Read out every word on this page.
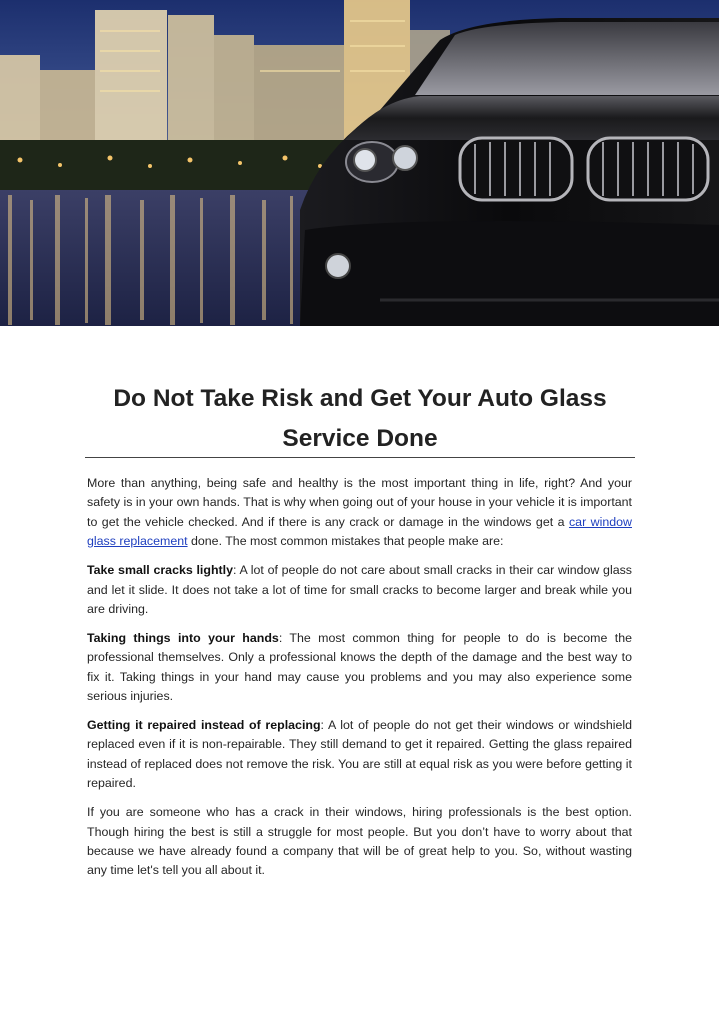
Do Not Take Risk and Get Your Auto Glass
Service Done

More than anything, being safe and healthy is the most important thing in life, right? And your safety is in your own hands. That is why when going out of your house in your vehicle it is important to get the vehicle checked. And if there is any crack or damage in the windows get a car window glass replacement done. The most common mistakes that people make are:

Take small cracks lightly: A lot of people do not care about small cracks in their car window glass and let it slide. It does not take a lot of time for small cracks to become larger and break while you are driving.

Taking things into your hands: The most common thing for people to do is become the professional themselves. Only a professional knows the depth of the damage and the best way to fix it. Taking things in your hand may cause you problems and you may also experience some serious injuries.

Getting it repaired instead of replacing: A lot of people do not get their windows or windshield replaced even if it is non-repairable. They still demand to get it repaired. Getting the glass repaired instead of replaced does not remove the risk. You are still at equal risk as you were before getting it repaired.

If you are someone who has a crack in their windows, hiring professionals is the best option. Though hiring the best is still a struggle for most people. But you don’t have to worry about that because we have already found a company that will be of great help to you. So, without wasting any time let's tell you all about it.
